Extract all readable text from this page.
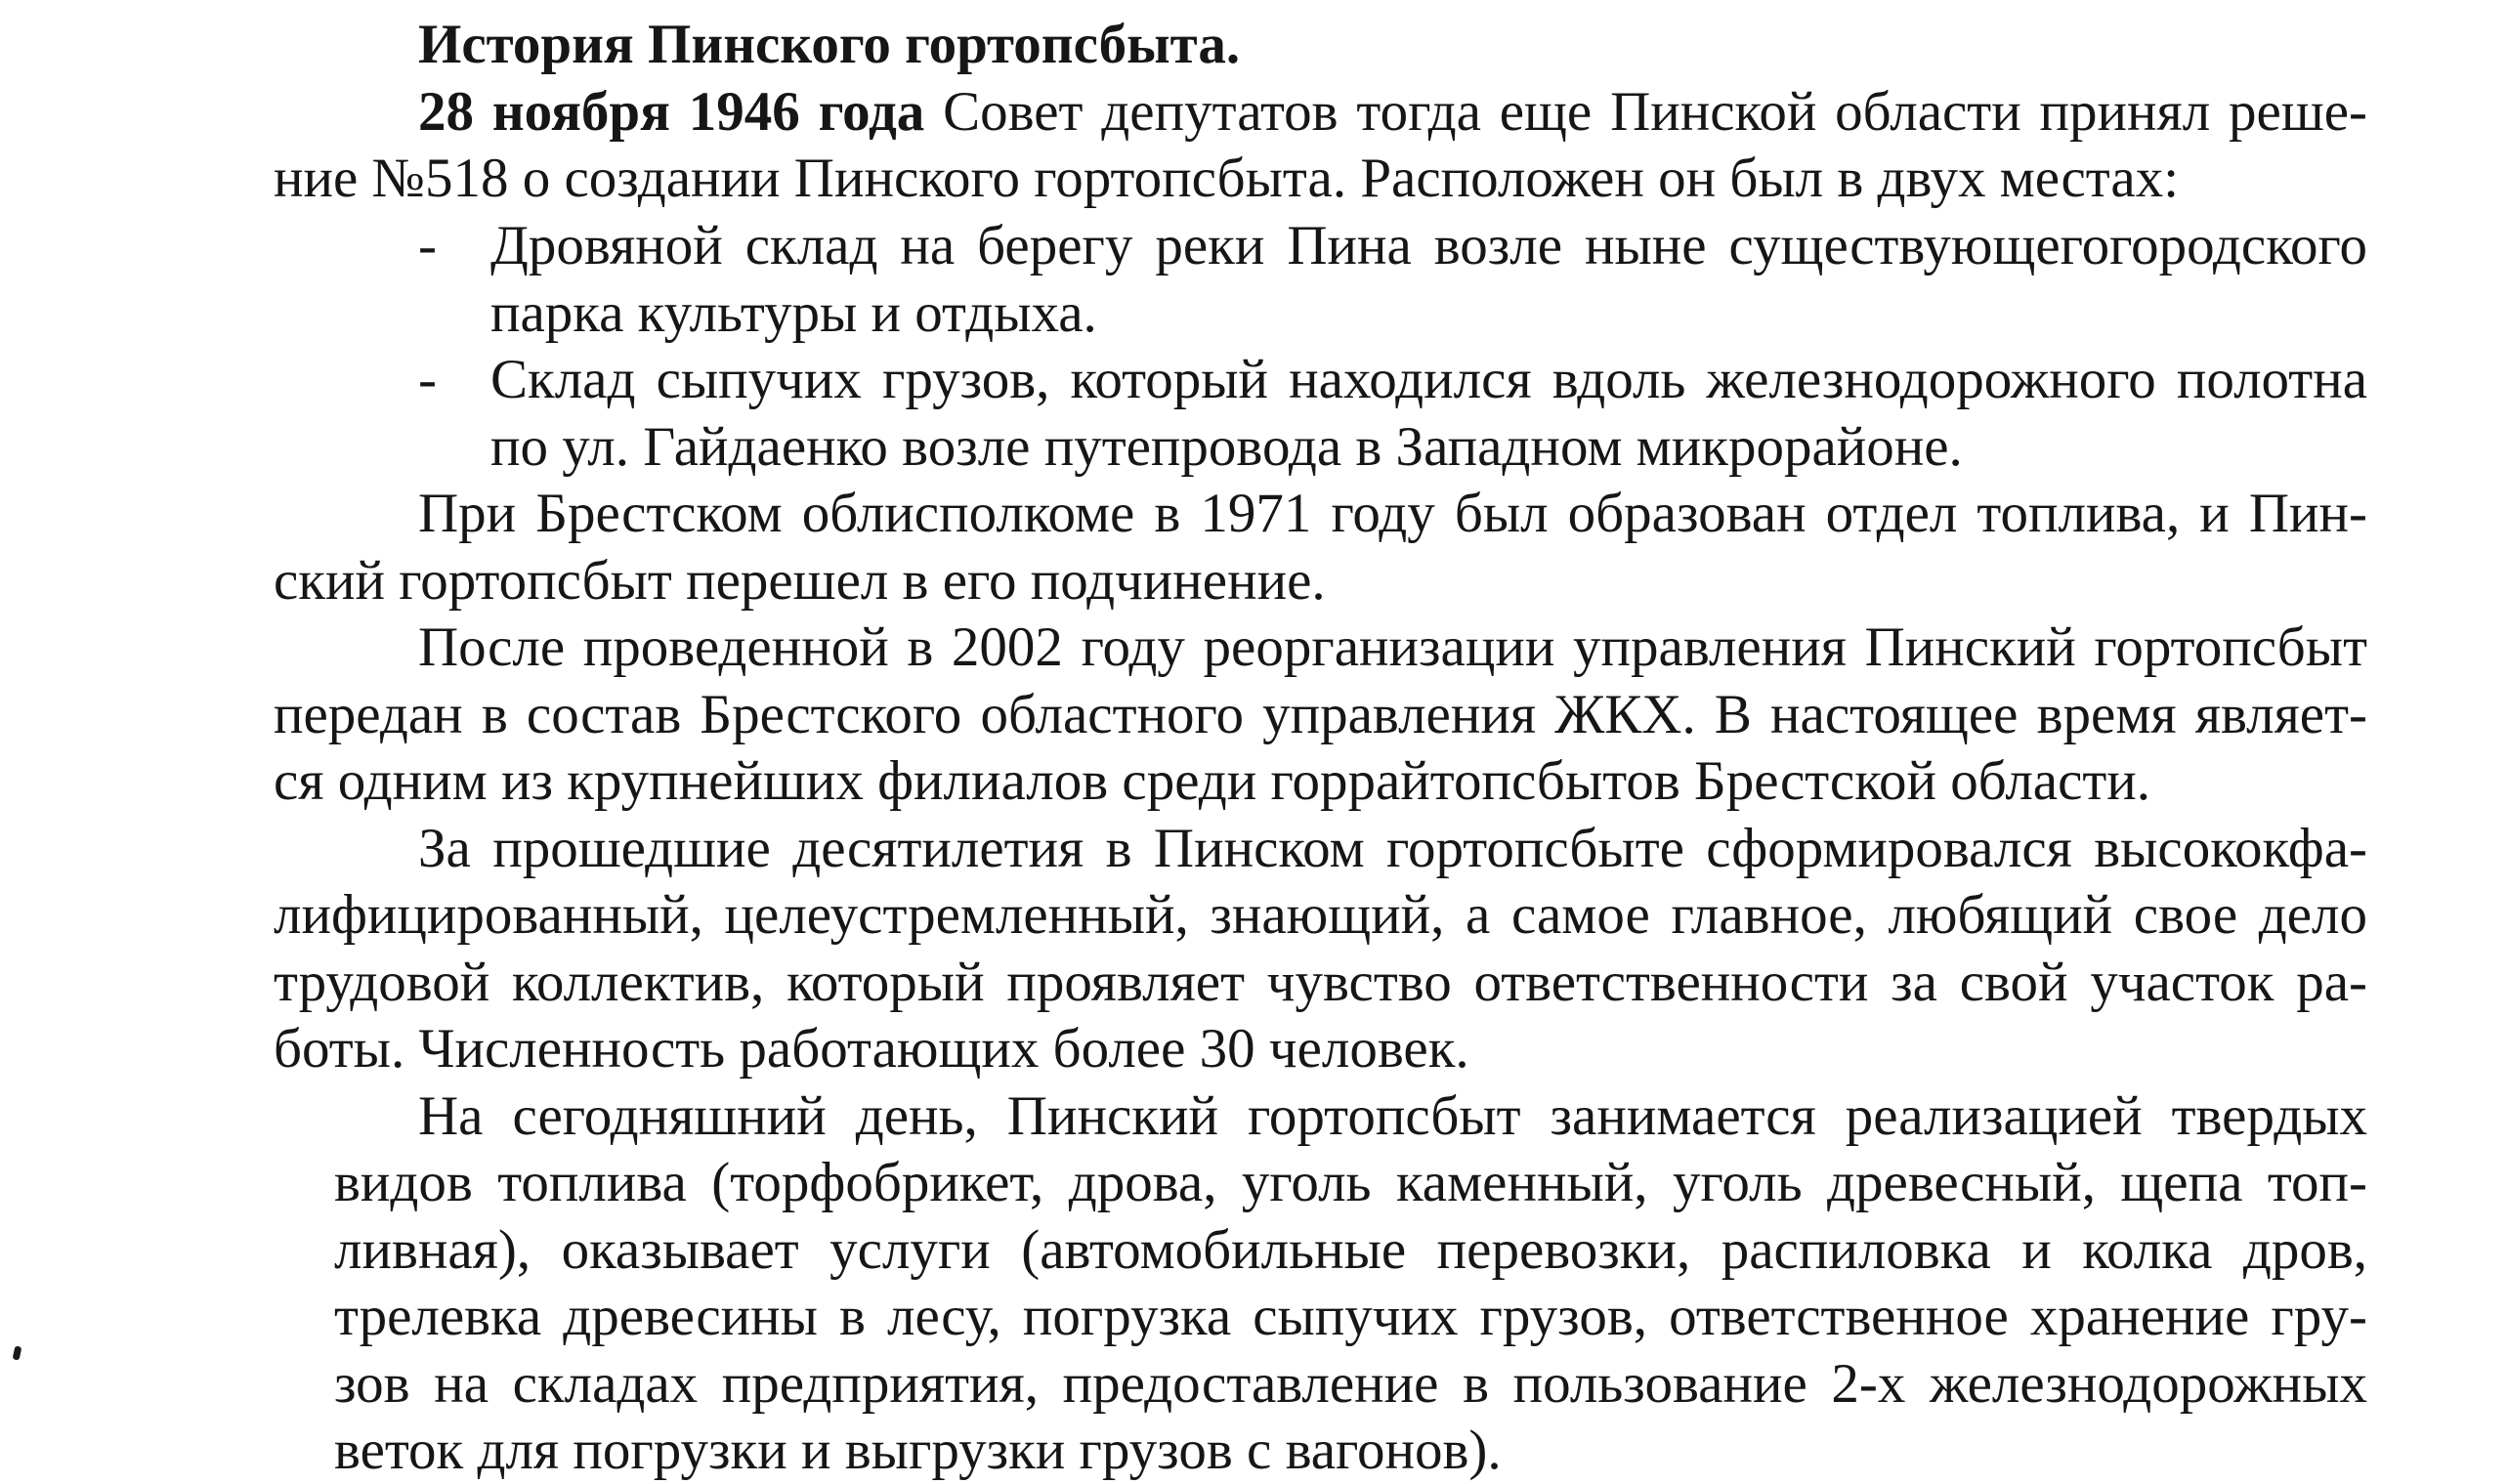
История Пинского гортопсбыта.
28 ноября 1946 года Совет депутатов тогда еще Пинской области принял реше-
ние №518 о создании Пинского гортопсбыта. Расположен он был в двух местах:
- Дровяной склад на берегу реки Пина возле ныне существующегогородского
парка культуры и отдыха.
- Склад сыпучих грузов, который находился вдоль железнодорожного полотна
по ул. Гайдаенко возле путепровода в Западном микрорайоне.
При Брестском облисполкоме в 1971 году был образован отдел топлива, и Пин-
ский гортопсбыт перешел в его подчинение.
После проведенной в 2002 году реорганизации управления Пинский гортопсбыт
передан в состав Брестского областного управления ЖКХ. В настоящее время являет-
ся одним из крупнейших филиалов среди горрайтопсбытов Брестской области.
За прошедшие десятилетия в Пинском гортопсбыте сформировался высококфа-
лифицированный, целеустремленный, знающий, а самое главное, любящий свое дело
трудовой коллектив, который проявляет чувство ответственности за свой участок ра-
боты. Численность работающих более 30 человек.
На сегодняшний день, Пинский гортопсбыт занимается реализацией твердых
видов топлива (торфобрикет, дрова, уголь каменный, уголь древесный, щепа топ-
ливная), оказывает услуги (автомобильные перевозки, распиловка и колка дров,
трелевка древесины в лесу, погрузка сыпучих грузов, ответственное хранение гру-
зов на складах предприятия, предоставление в пользование 2-х железнодорожных
веток для погрузки и выгрузки грузов с вагонов).
